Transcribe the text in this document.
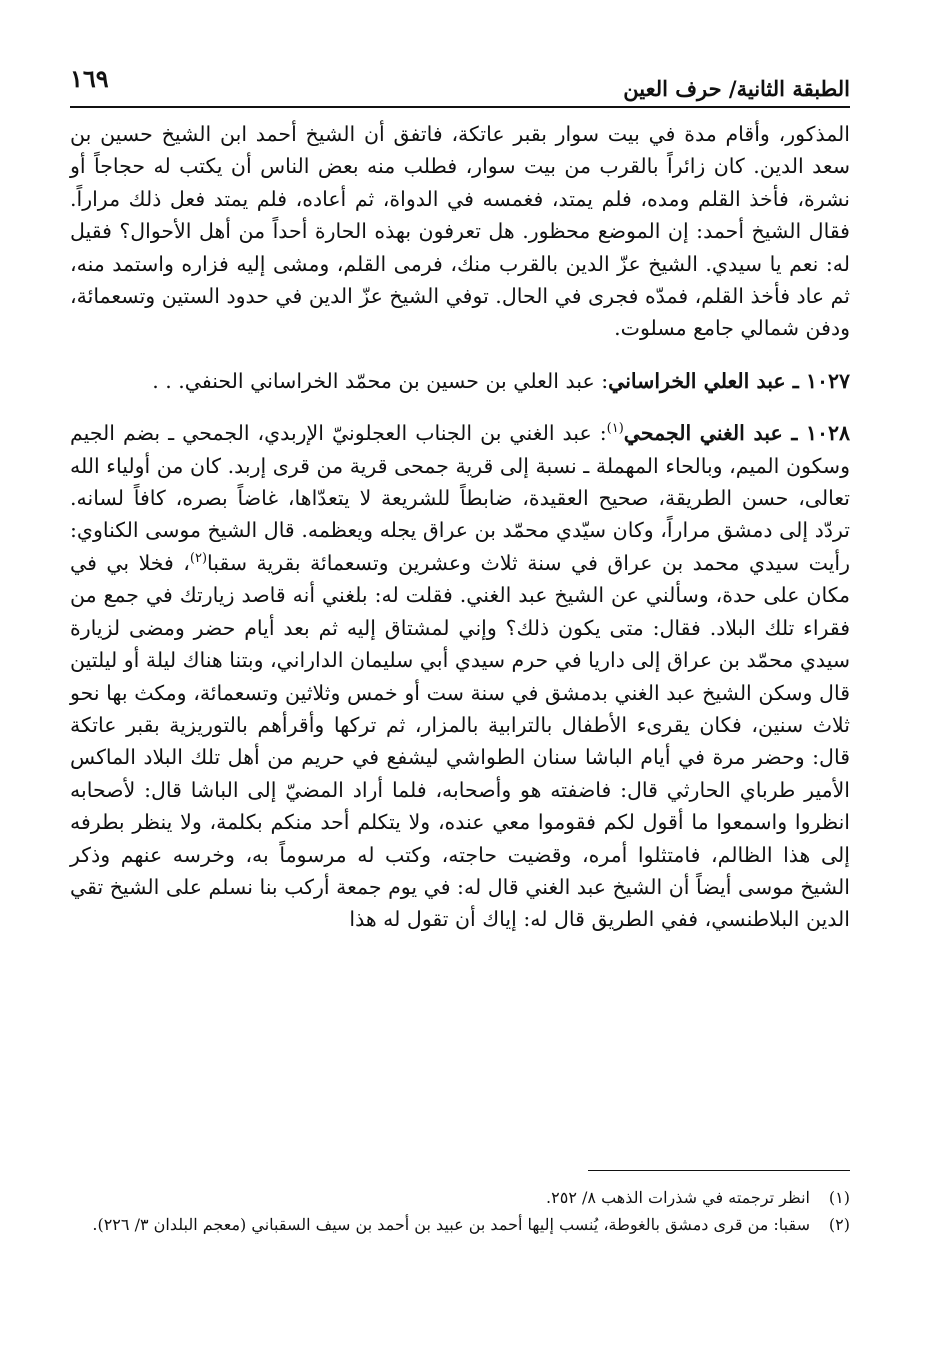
الطبقة الثانية/ حرف العين
١٦٩

المذكور، وأقام مدة في بيت سوار بقبر عاتكة، فاتفق أن الشيخ أحمد ابن الشيخ حسين بن سعد الدين. كان زائراً بالقرب من بيت سوار، فطلب منه بعض الناس أن يكتب له حجاجاً أو نشرة، فأخذ القلم ومده، فلم يمتد، فغمسه في الدواة، ثم أعاده، فلم يمتد فعل ذلك مراراً. فقال الشيخ أحمد: إن الموضع محظور. هل تعرفون بهذه الحارة أحداً من أهل الأحوال؟ فقيل له: نعم يا سيدي. الشيخ عزّ الدين بالقرب منك، فرمى القلم، ومشى إليه فزاره واستمد منه، ثم عاد فأخذ القلم، فمدّه فجرى في الحال. توفي الشيخ عزّ الدين في حدود الستين وتسعمائة، ودفن شمالي جامع مسلوت.

١٠٢٧ ـ عبد العلي الخراساني: عبد العلي بن حسين بن محمّد الخراساني الحنفي. . .

١٠٢٨ ـ عبد الغني الجمحي$^{(١)}$: عبد الغني بن الجناب العجلونيّ الإربدي، الجمحي ـ بضم الجيم وسكون الميم، وبالحاء المهملة ـ نسبة إلى قرية جمحى قرية من قرى إربد. كان من أولياء الله تعالى، حسن الطريقة، صحيح العقيدة، ضابطاً للشريعة لا يتعدّاها، غاضاً بصره، كافاً لسانه. تردّد إلى دمشق مراراً، وكان سيّدي محمّد بن عراق يجله ويعظمه. قال الشيخ موسى الكناوي: رأيت سيدي محمد بن عراق في سنة ثلاث وعشرين وتسعمائة بقرية سقبا$^{(٢)}$، فخلا بي في مكان على حدة، وسألني عن الشيخ عبد الغني. فقلت له: بلغني أنه قاصد زيارتك في جمع من فقراء تلك البلاد. فقال: متى يكون ذلك؟ وإني لمشتاق إليه ثم بعد أيام حضر ومضى لزيارة سيدي محمّد بن عراق إلى داريا في حرم سيدي أبي سليمان الداراني، وبتنا هناك ليلة أو ليلتين قال وسكن الشيخ عبد الغني بدمشق في سنة ست أو خمس وثلاثين وتسعمائة، ومكث بها نحو ثلاث سنين، فكان يقرىء الأطفال بالترابية بالمزار، ثم تركها وأقرأهم بالتوريزية بقبر عاتكة قال: وحضر مرة في أيام الباشا سنان الطواشي ليشفع في حريم من أهل تلك البلاد الماكس الأمير طرباي الحارثي قال: فاضفته هو وأصحابه، فلما أراد المضيّ إلى الباشا قال: لأصحابه انظروا واسمعوا ما أقول لكم فقوموا معي عنده، ولا يتكلم أحد منكم بكلمة، ولا ينظر بطرفه إلى هذا الظالم، فامتثلوا أمره، وقضيت حاجته، وكتب له مرسوماً به، وخرسه عنهم وذكر الشيخ موسى أيضاً أن الشيخ عبد الغني قال له: في يوم جمعة أركب بنا نسلم على الشيخ تقي الدين البلاطنسي، ففي الطريق قال له: إياك أن تقول له هذا

(١)
انظر ترجمته في شذرات الذهب ٨/ ٢٥٢.
(٢)
سقبا: من قرى دمشق بالغوطة، يُنسب إليها أحمد بن عبيد بن أحمد بن سيف السقباني (معجم البلدان ٣/ ٢٢٦).
